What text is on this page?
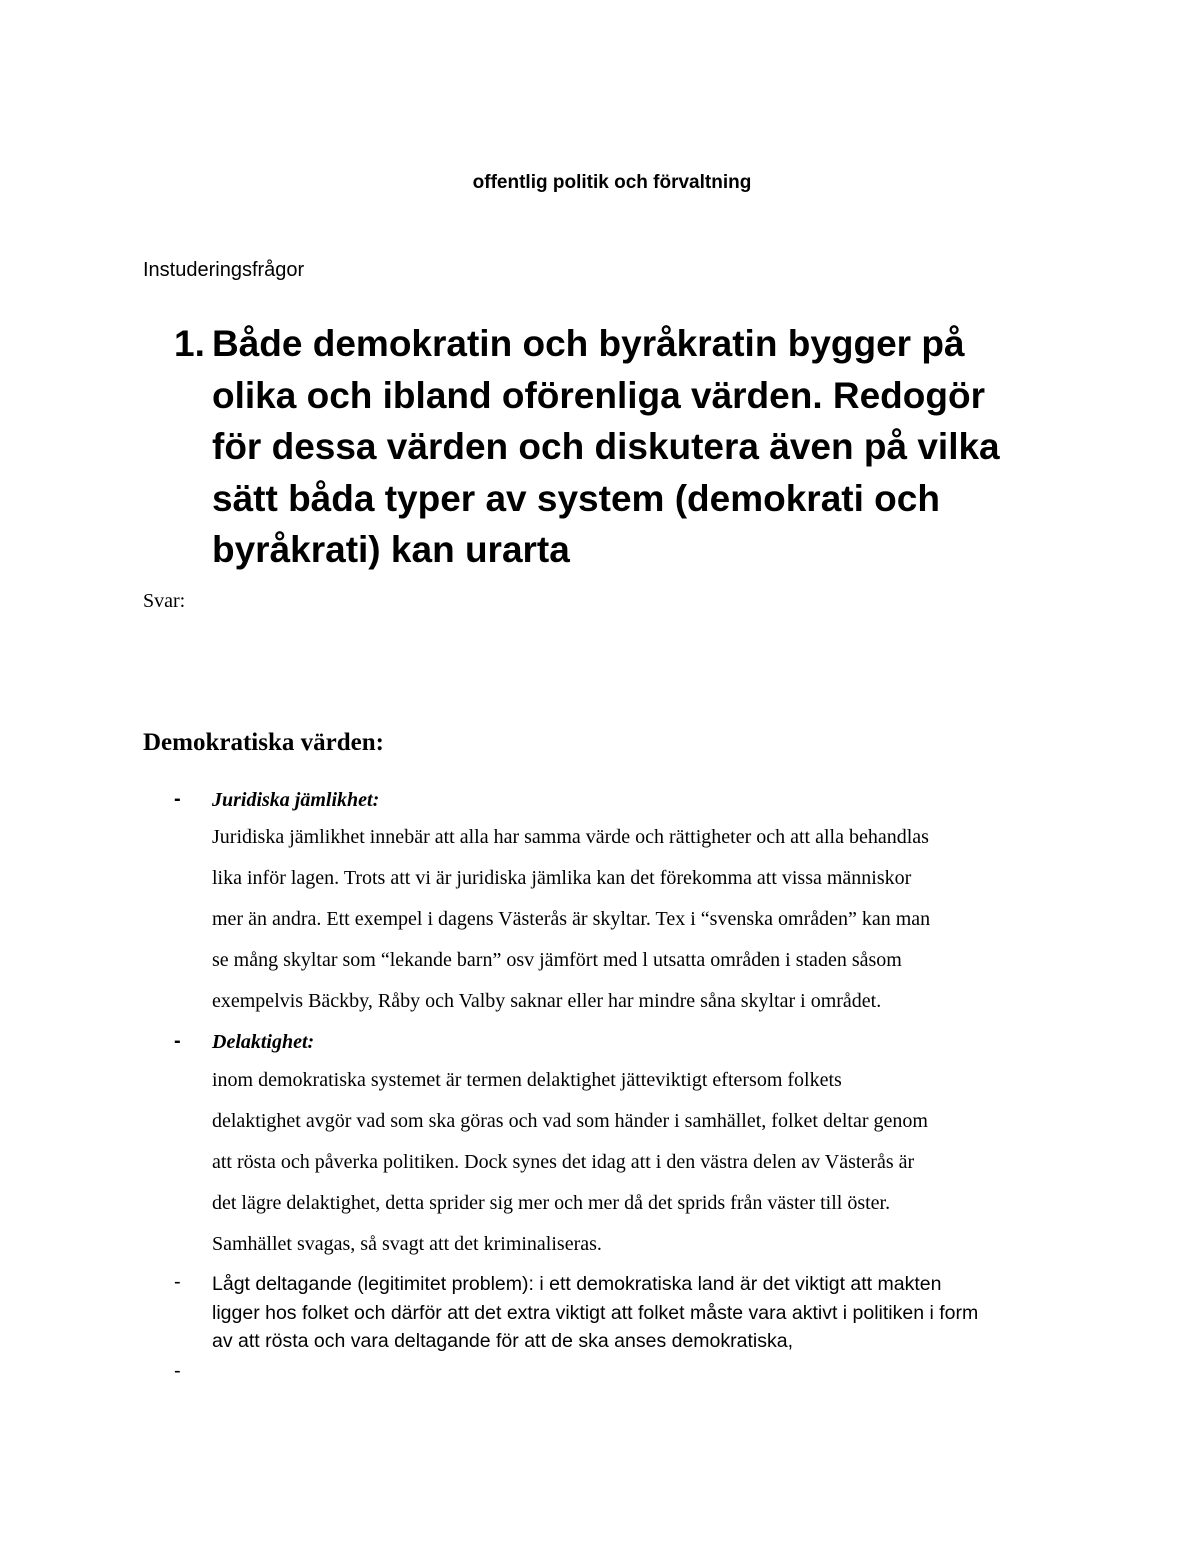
offentlig politik och förvaltning
Instuderingsfrågor
1. Både demokratin och byråkratin bygger på
olika och ibland oförenliga värden. Redogör
för dessa värden och diskutera även på vilka
sätt båda typer av system (demokrati och
byråkrati) kan urarta
Svar:
Demokratiska värden:
- Juridiska jämlikhet:
Juridiska jämlikhet innebär att alla har samma värde och rättigheter och att alla behandlas
lika inför lagen. Trots att vi är juridiska jämlika kan det förekomma att vissa människor
mer än andra. Ett exempel i dagens Västerås är skyltar. Tex i “svenska områden” kan man
se mång skyltar som “lekande barn” osv jämfört med l utsatta områden i staden såsom
exempelvis Bäckby, Råby och Valby saknar eller har mindre såna skyltar i området.
- Delaktighet:
inom demokratiska systemet är termen delaktighet jätteviktigt eftersom folkets
delaktighet avgör vad som ska göras och vad som händer i samhället, folket deltar genom
att rösta och påverka politiken. Dock synes det idag att i den västra delen av Västerås är
det lägre delaktighet, detta sprider sig mer och mer då det sprids från väster till öster.
Samhället svagas, så svagt att det kriminaliseras.
- Lågt deltagande (legitimitet problem): i ett demokratiska land är det viktigt att makten
ligger hos folket och därför att det extra viktigt att folket måste vara aktivt i politiken i form
av att rösta och vara deltagande för att de ska anses demokratiska,
-
